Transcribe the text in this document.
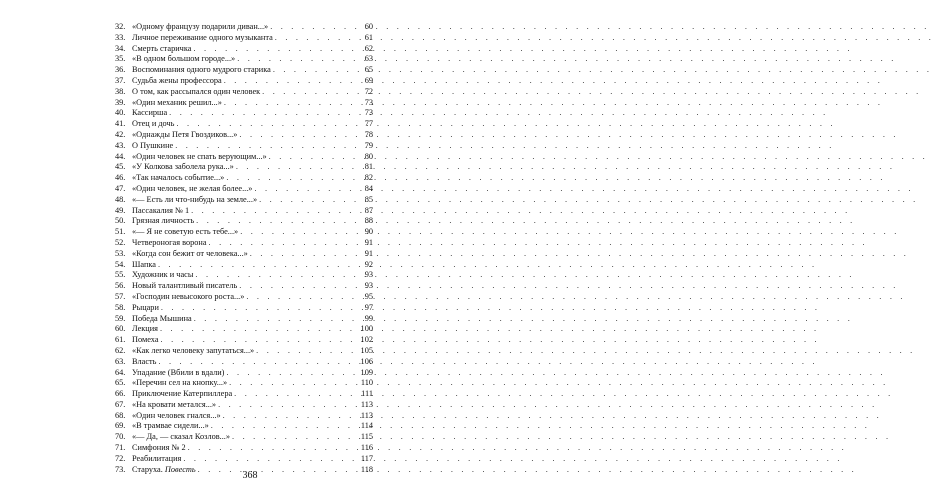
32. «Одному французу подарили диван...» . . .	60
33. Личное переживание одного музыканта . . .	61
34. Смерть старичка . . .	62
35. «В одном большом городе...» . . .	63
36. Воспоминания одного мудрого старика . . .	65
37. Судьба жены профессора . . .	69
38. О том, как рассыпался один человек . . .	72
39. «Один механик решил...» . . .	73
40. Кассирша . . .	73
41. Отец и дочь . . .	77
42. «Однажды Петя Гвоздиков...» . . .	78
43. О Пушкине . . .	79
44. «Один человек не спать верующим...» . . .	80
45. «У Колкова заболела рука...» . . .	81
46. «Так началось событие...» . . .	82
47. «Один человек, не желая более...» . . .	84
48. «— Есть ли что-нибудь на земле...» . . .	85
49. Пассакалия № 1 . . .	87
50. Грязная личность . . .	88
51. «— Я не советую есть тебе...» . . .	90
52. Четвероногая ворона . . .	91
53. «Когда сон бежит от человека...» . . .	91
54. Шапка . . .	92
55. Художник и часы . . .	93
56. Новый талантливый писатель . . .	93
57. «Господин невысокого роста...» . . .	95
58. Рыцари . . .	97
59. Победа Мышина . . .	99
60. Лекция . . .	100
61. Помеха . . .	102
62. «Как легко человеку запутаться...» . . .	105
63. Власть . . .	106
64. Упадание (Вбили в вдали) . . .	109
65. «Перечин сел на кнопку...» . . .	110
66. Приключение Катерпиллера . . .	111
67. «На кровати метался...» . . .	113
68. «Один человек гнался...» . . .	113
69. «В трамвае сидели...» . . .	114
70. «— Да, — сказал Козлов...» . . .	115
71. Симфония № 2 . . .	116
72. Реабилитация . . .	117
73. Старуха. Повесть . . .	118
368
